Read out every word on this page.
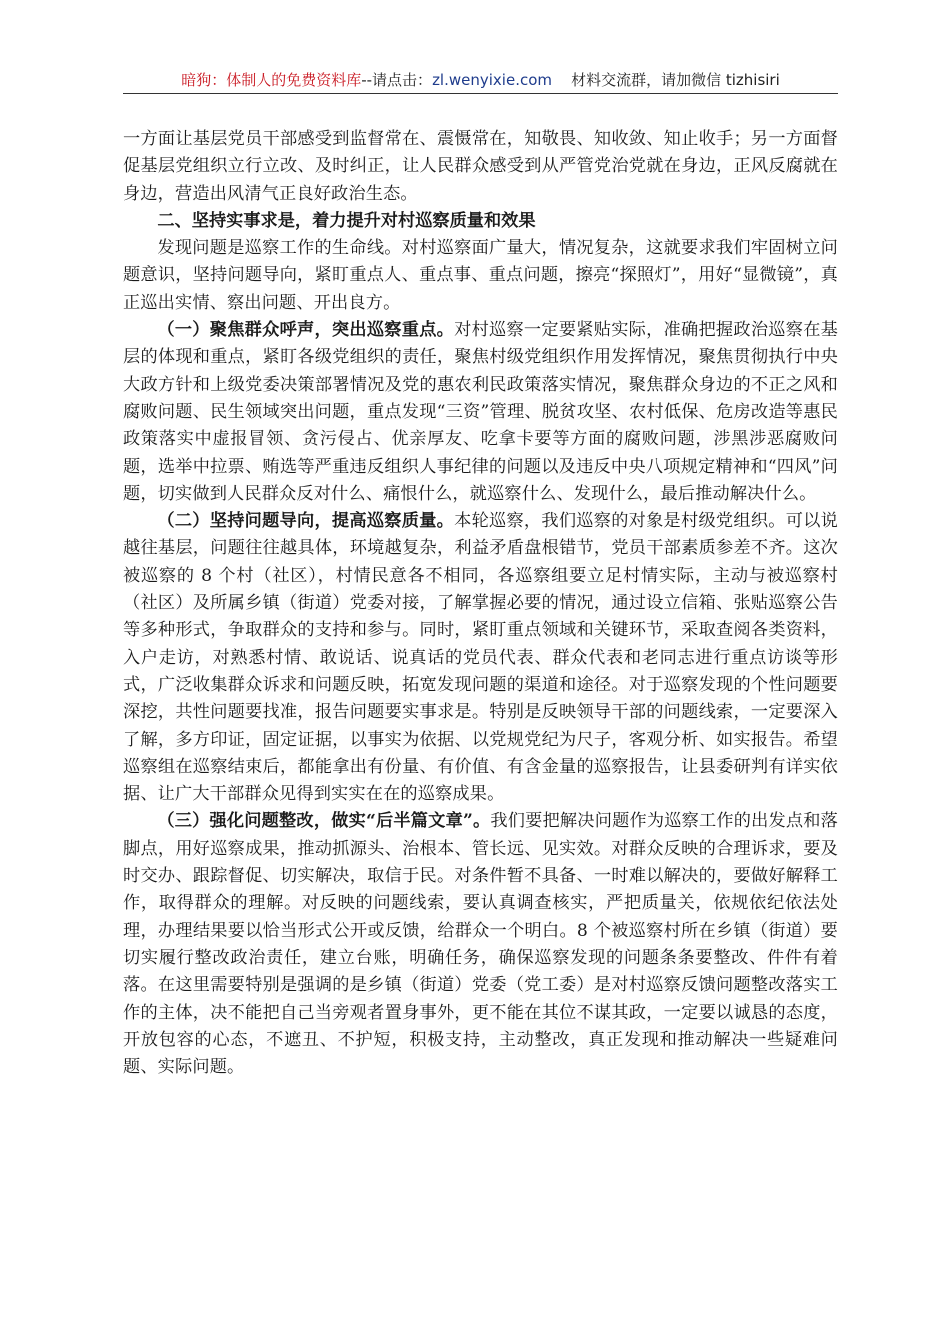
暗狗：体制人的免费资料库--请点击：zl.wenyixie.com 材料交流群，请加微信 tizhisiri

一方面让基层党员干部感受到监督常在、震慑常在，知敬畏、知收敛、知止收手；另一方面督促基层党组织立行立改、及时纠正，让人民群众感受到从严管党治党就在身边，正风反腐就在身边，营造出风清气正良好政治生态。

二、坚持实事求是，着力提升对村巡察质量和效果

发现问题是巡察工作的生命线。对村巡察面广量大，情况复杂，这就要求我们牢固树立问题意识，坚持问题导向，紧盯重点人、重点事、重点问题，擦亮“探照灯”，用好“显微镜”，真正巡出实情、察出问题、开出良方。

（一）聚焦群众呼声，突出巡察重点。对村巡察一定要紧贴实际，准确把握政治巡察在基层的体现和重点，紧盯各级党组织的责任，聚焦村级党组织作用发挥情况，聚焦贯彻执行中央大政方针和上级党委决策部署情况及党的惠农利民政策落实情况，聚焦群众身边的不正之风和腐败问题、民生领域突出问题，重点发现“三资”管理、脱贫攻坚、农村低保、危房改造等惠民政策落实中虚报冒领、贪污侵占、优亲厚友、吃拿卡要等方面的腐败问题，涉黑涉恶腐败问题，选举中拉票、贿选等严重违反组织人事纪律的问题以及违反中央八项规定精神和“四风”问题，切实做到人民群众反对什么、痛恨什么，就巡察什么、发现什么，最后推动解决什么。

（二）坚持问题导向，提高巡察质量。本轮巡察，我们巡察的对象是村级党组织。可以说越往基层，问题往往越具体，环境越复杂，利益矛盾盘根错节，党员干部素质参差不齐。这次被巡察的 8 个村（社区），村情民意各不相同，各巡察组要立足村情实际，主动与被巡察村（社区）及所属乡镇（街道）党委对接，了解掌握必要的情况，通过设立信箱、张贴巡察公告等多种形式，争取群众的支持和参与。同时，紧盯重点领域和关键环节，采取查阅各类资料，入户走访，对熟悉村情、敢说话、说真话的党员代表、群众代表和老同志进行重点访谈等形式，广泛收集群众诉求和问题反映，拓宽发现问题的渠道和途径。对于巡察发现的个性问题要深挖，共性问题要找准，报告问题要实事求是。特别是反映领导干部的问题线索，一定要深入了解，多方印证，固定证据，以事实为依据、以党规党纪为尺子，客观分析、如实报告。希望巡察组在巡察结束后，都能拿出有份量、有价值、有含金量的巡察报告，让县委研判有详实依据、让广大干部群众见得到实实在在的巡察成果。

（三）强化问题整改，做实“后半篇文章”。我们要把解决问题作为巡察工作的出发点和落脚点，用好巡察成果，推动抓源头、治根本、管长远、见实效。对群众反映的合理诉求，要及时交办、跟踪督促、切实解决，取信于民。对条件暂不具备、一时难以解决的，要做好解释工作，取得群众的理解。对反映的问题线索，要认真调查核实，严把质量关，依规依纪依法处理，办理结果要以恰当形式公开或反馈，给群众一个明白。8 个被巡察村所在乡镇（街道）要切实履行整改政治责任，建立台账，明确任务，确保巡察发现的问题条条要整改、件件有着落。在这里需要特别是强调的是乡镇（街道）党委（党工委）是对村巡察反馈问题整改落实工作的主体，决不能把自己当旁观者置身事外，更不能在其位不谋其政，一定要以诚恳的态度，开放包容的心态，不遮丑、不护短，积极支持，主动整改，真正发现和推动解决一些疑难问题、实际问题。
